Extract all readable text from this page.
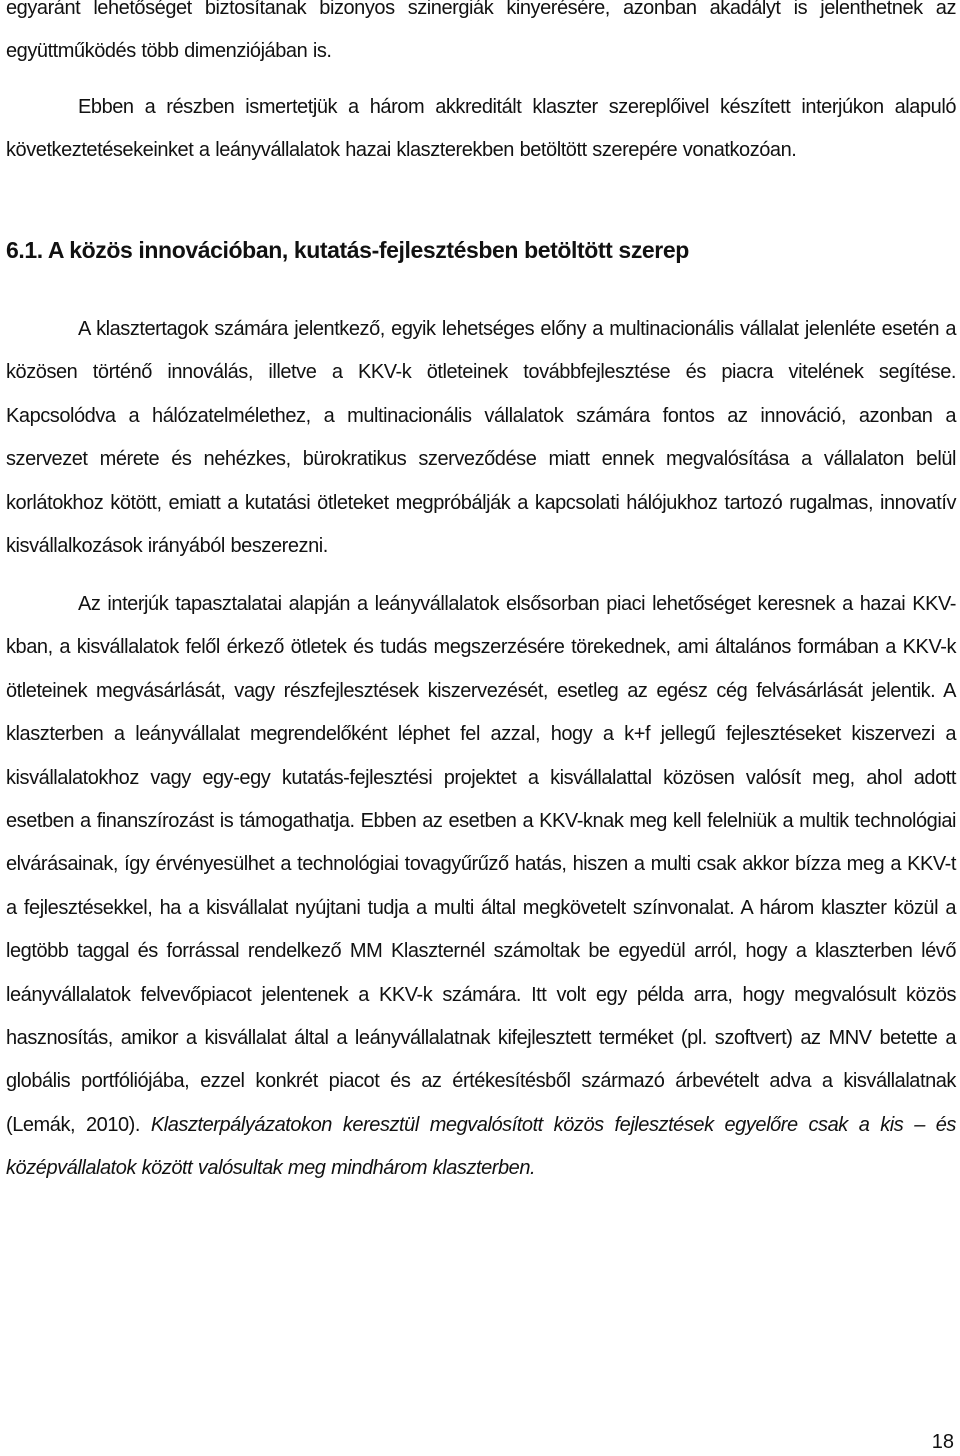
egyaránt lehetőséget biztosítanak bizonyos szinergiák kinyerésére, azonban akadályt is jelenthetnek az együttműködés több dimenziójában is.

Ebben a részben ismertetjük a három akkreditált klaszter szereplőivel készített interjúkon alapuló következtetésekeinket a leányvállalatok hazai klaszterekben betöltött szerepére vonatkozóan.

6.1. A közös innovációban, kutatás-fejlesztésben betöltött szerep

A klasztertagok számára jelentkező, egyik lehetséges előny a multinacionális vállalat jelenléte esetén a közösen történő innoválás, illetve a KKV-k ötleteinek továbbfejlesztése és piacra vitelének segítése. Kapcsolódva a hálózatelmélethez, a multinacionális vállalatok számára fontos az innováció, azonban a szervezet mérete és nehézkes, bürokratikus szerveződése miatt ennek megvalósítása a vállalaton belül korlátokhoz kötött, emiatt a kutatási ötleteket megpróbálják a kapcsolati hálójukhoz tartozó rugalmas, innovatív kisvállalkozások irányából beszerezni.

Az interjúk tapasztalatai alapján a leányvállalatok elsősorban piaci lehetőséget keresnek a hazai KKV-kban, a kisvállalatok felől érkező ötletek és tudás megszerzésére törekednek, ami általános formában a KKV-k ötleteinek megvásárlását, vagy részfejlesztések kiszervezését, esetleg az egész cég felvásárlását jelentik. A klaszterben a leányvállalat megrendelőként léphet fel azzal, hogy a k+f jellegű fejlesztéseket kiszervezi a kisvállalatokhoz vagy egy-egy kutatás-fejlesztési projektet a kisvállalattal közösen valósít meg, ahol adott esetben a finanszírozást is támogathatja. Ebben az esetben a KKV-knak meg kell felelniük a multik technológiai elvárásainak, így érvényesülhet a technológiai tovagyűrűző hatás, hiszen a multi csak akkor bízza meg a KKV-t a fejlesztésekkel, ha a kisvállalat nyújtani tudja a multi által megkövetelt színvonalat. A három klaszter közül a legtöbb taggal és forrással rendelkező MM Klaszternél számoltak be egyedül arról, hogy a klaszterben lévő leányvállalatok felvevőpiacot jelentenek a KKV-k számára. Itt volt egy példa arra, hogy megvalósult közös hasznosítás, amikor a kisvállalat által a leányvállalatnak kifejlesztett terméket (pl. szoftvert) az MNV betette a globális portfóliójába, ezzel konkrét piacot és az értékesítésből származó árbevételt adva a kisvállalatnak (Lemák, 2010). Klaszterpályázatokon keresztül megvalósított közös fejlesztések egyelőre csak a kis – és középvállalatok között valósultak meg mindhárom klaszterben.

18
